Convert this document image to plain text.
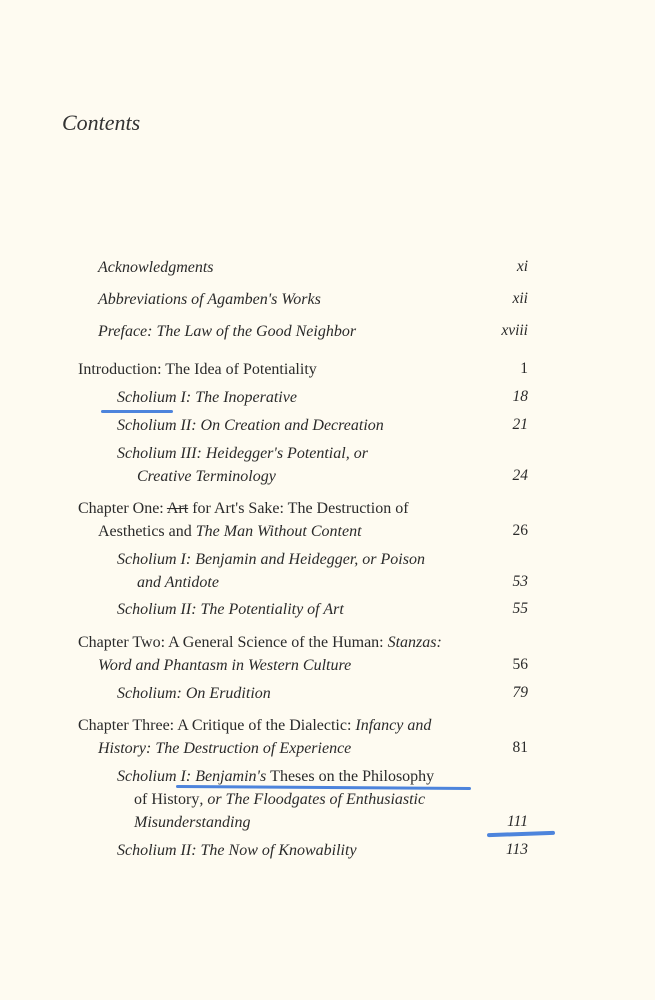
Contents
Acknowledgments	xi
Abbreviations of Agamben's Works	xii
Preface: The Law of the Good Neighbor	xviii
Introduction: The Idea of Potentiality	1
Scholium I: The Inoperative	18
Scholium II: On Creation and Decreation	21
Scholium III: Heidegger's Potential, or
Creative Terminology	24
Chapter One: Art for Art's Sake: The Destruction of
Aesthetics and The Man Without Content	26
Scholium I: Benjamin and Heidegger, or Poison
and Antidote	53
Scholium II: The Potentiality of Art	55
Chapter Two: A General Science of the Human: Stanzas:
Word and Phantasm in Western Culture	56
Scholium: On Erudition	79
Chapter Three: A Critique of the Dialectic: Infancy and
History: The Destruction of Experience	81
Scholium I: Benjamin's Theses on the Philosophy
of History, or The Floodgates of Enthusiastic
Misunderstanding	111
Scholium II: The Now of Knowability	113
